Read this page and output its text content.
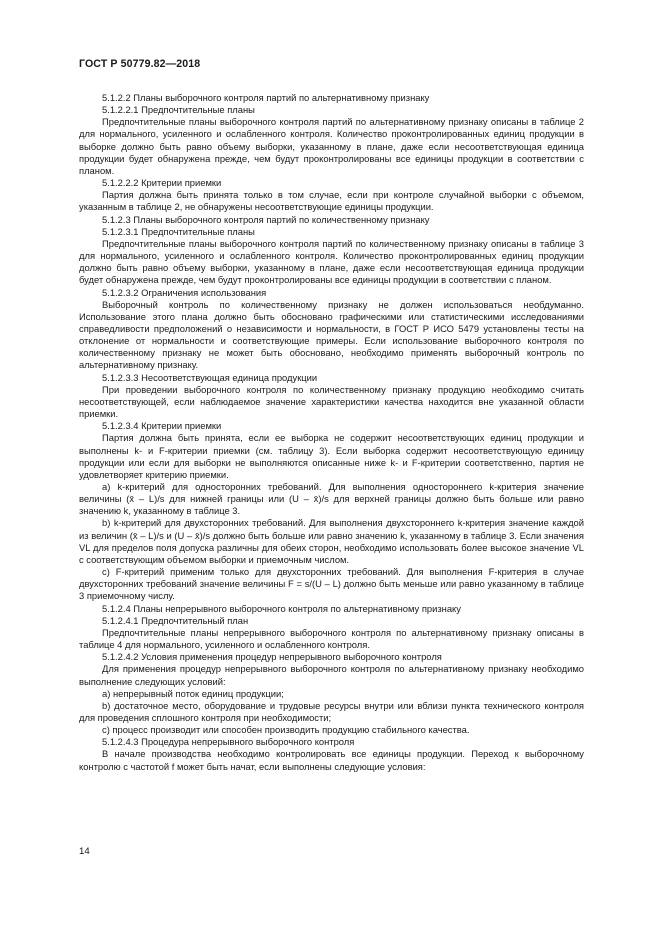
ГОСТ Р 50779.82—2018

5.1.2.2 Планы выборочного контроля партий по альтернативному признаку

5.1.2.2.1 Предпочтительные планы

Предпочтительные планы выборочного контроля партий по альтернативному признаку описаны в таблице 2 для нормального, усиленного и ослабленного контроля. Количество проконтролированных единиц продукции в выборке должно быть равно объему выборки, указанному в плане, даже если несоответствующая единица продукции будет обнаружена прежде, чем будут проконтролированы все единицы продукции в соответствии с планом.

5.1.2.2.2 Критерии приемки

Партия должна быть принята только в том случае, если при контроле случайной выборки с объемом, указанным в таблице 2, не обнаружены несоответствующие единицы продукции.

5.1.2.3 Планы выборочного контроля партий по количественному признаку

5.1.2.3.1 Предпочтительные планы

Предпочтительные планы выборочного контроля партий по количественному признаку описаны в таблице 3 для нормального, усиленного и ослабленного контроля. Количество проконтролированных единиц продукции должно быть равно объему выборки, указанному в плане, даже если несоответствующая единица продукции будет обнаружена прежде, чем будут проконтролированы все единицы продукции в соответствии с планом.

5.1.2.3.2 Ограничения использования

Выборочный контроль по количественному признаку не должен использоваться необдуманно. Использование этого плана должно быть обосновано графическими или статистическими исследованиями справедливости предположений о независимости и нормальности, в ГОСТ Р ИСО 5479 установлены тесты на отклонение от нормальности и соответствующие примеры. Если использование выборочного контроля по количественному признаку не может быть обосновано, необходимо применять выборочный контроль по альтернативному признаку.

5.1.2.3.3 Несоответствующая единица продукции

При проведении выборочного контроля по количественному признаку продукцию необходимо считать несоответствующей, если наблюдаемое значение характеристики качества находится вне указанной области приемки.

5.1.2.3.4 Критерии приемки

Партия должна быть принята, если ее выборка не содержит несоответствующих единиц продукции и выполнены k- и F-критерии приемки (см. таблицу 3). Если выборка содержит несоответствующую единицу продукции или если для выборки не выполняются описанные ниже k- и F-критерии соответственно, партия не удовлетворяет критерию приемки.

a) k-критерий для односторонних требований. Для выполнения одностороннего k-критерия значение величины (x̄ – L)/s для нижней границы или (U – x̄)/s для верхней границы должно быть больше или равно значению k, указанному в таблице 3.

b) k-критерий для двухсторонних требований. Для выполнения двухстороннего k-критерия значение каждой из величин (x̄ – L)/s и (U – x̄)/s должно быть больше или равно значению k, указанному в таблице 3. Если значения VL для пределов поля допуска различны для обеих сторон, необходимо использовать более высокое значение VL с соответствующим объемом выборки и приемочным числом.

c) F-критерий применим только для двухсторонних требований. Для выполнения F-критерия в случае двухсторонних требований значение величины F = s/(U – L) должно быть меньше или равно указанному в таблице 3 приемочному числу.

5.1.2.4 Планы непрерывного выборочного контроля по альтернативному признаку

5.1.2.4.1 Предпочтительный план

Предпочтительные планы непрерывного выборочного контроля по альтернативному признаку описаны в таблице 4 для нормального, усиленного и ослабленного контроля.

5.1.2.4.2 Условия применения процедур непрерывного выборочного контроля

Для применения процедур непрерывного выборочного контроля по альтернативному признаку необходимо выполнение следующих условий:

a) непрерывный поток единиц продукции;

b) достаточное место, оборудование и трудовые ресурсы внутри или вблизи пункта технического контроля для проведения сплошного контроля при необходимости;

c) процесс производит или способен производить продукцию стабильного качества.

5.1.2.4.3 Процедура непрерывного выборочного контроля

В начале производства необходимо контролировать все единицы продукции. Переход к выборочному контролю с частотой f может быть начат, если выполнены следующие условия:

14
